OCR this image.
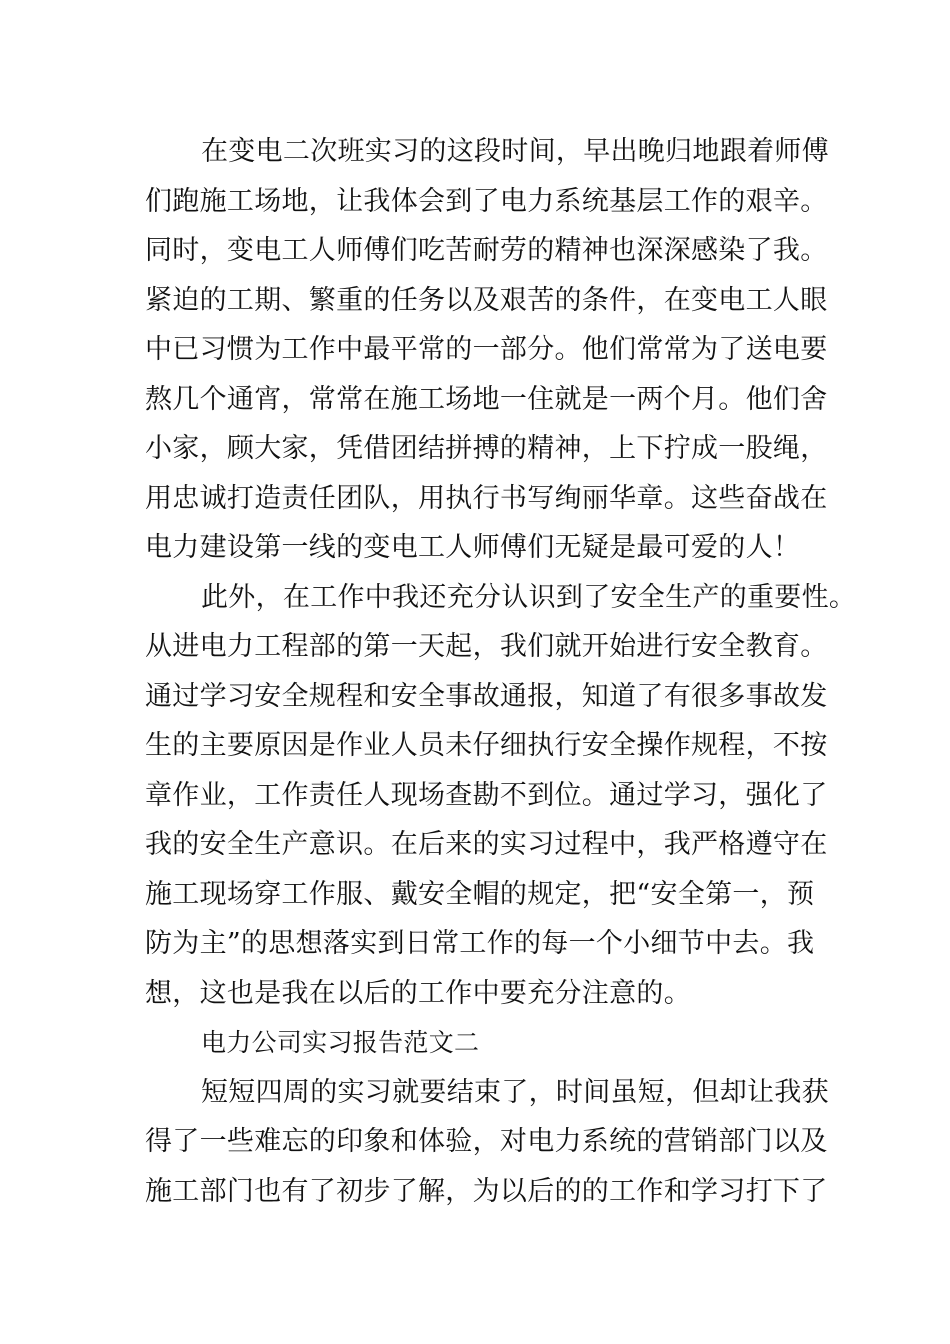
在变电二次班实习的这段时间，早出晚归地跟着师傅
们跑施工场地，让我体会到了电力系统基层工作的艰辛。
同时，变电工人师傅们吃苦耐劳的精神也深深感染了我。
紧迫的工期、繁重的任务以及艰苦的条件，在变电工人眼
中已习惯为工作中最平常的一部分。他们常常为了送电要
熬几个通宵，常常在施工场地一住就是一两个月。他们舍
小家，顾大家，凭借团结拼搏的精神，上下拧成一股绳，
用忠诚打造责任团队，用执行书写绚丽华章。这些奋战在
电力建设第一线的变电工人师傅们无疑是最可爱的人！
此外，在工作中我还充分认识到了安全生产的重要性。
从进电力工程部的第一天起，我们就开始进行安全教育。
通过学习安全规程和安全事故通报，知道了有很多事故发
生的主要原因是作业人员未仔细执行安全操作规程，不按
章作业，工作责任人现场查勘不到位。通过学习，强化了
我的安全生产意识。在后来的实习过程中，我严格遵守在
施工现场穿工作服、戴安全帽的规定，把“安全第一，预
防为主”的思想落实到日常工作的每一个小细节中去。我
想，这也是我在以后的工作中要充分注意的。
电力公司实习报告范文二
短短四周的实习就要结束了，时间虽短，但却让我获
得了一些难忘的印象和体验，对电力系统的营销部门以及
施工部门也有了初步了解，为以后的的工作和学习打下了
